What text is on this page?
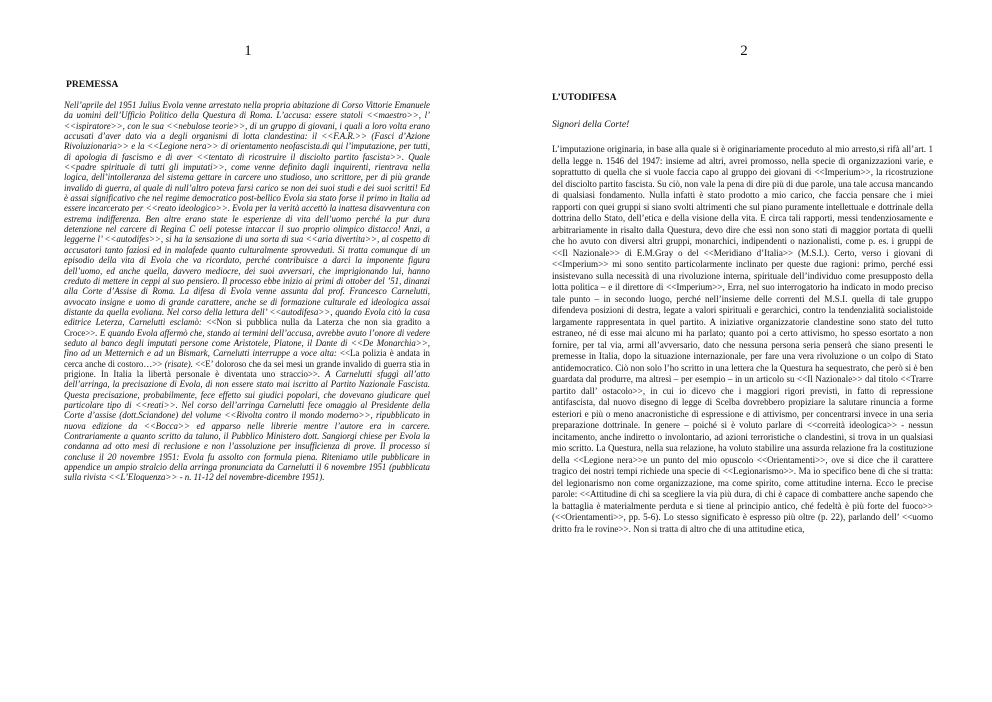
1
PREMESSA

Nell’aprile del 1951 Julius Evola venne arrestato nella propria abitazione di Corso Vittorie Emanuele da uomini dell’Ufficio Politico della Questura di Roma. L’accusa: essere statoli <<maestro>>, l’ <<ispiratore>>, con le sua <<nebulose teorie>>, di un gruppo di giovani, i quali a loro volta erano accusati d’aver dato via a degli organismi di lotta clandestina: il <<F.A.R.>> (Fasci d’Azione Rivoluzionaria>> e la <<Legione nera>> di orientamento neofascista.di qui l’imputazione, per tutti, di apologia di fascismo e di aver <<tentato di ricostruire il disciolto partito fascista>>. Quale <<padre spirituale di tutti gli imputati>>, come venne definito dagli inquirenti, rientrava nella logica, dell’intolleranza del sistema gettare in carcere uno studioso, uno scrittore, per di più grande invalido di guerra, al quale di null’altro poteva farsi carico se non dei suoi studi e dei suoi scritti! Ed è assai significativo che nel regime democratico post-bellico Evola sia stato forse il primo in Italia ad essere incarcerato per <<reato ideologico>>. Evola per la verità accettò la inattesa disavventura con estrema indifferenza. Ben altre erano state le esperienze di vita dell’uomo perché la pur dura detenzione nel carcere di Regina C oeli potesse intaccar il suo proprio olimpico distacco! Anzi, a leggerne l’ <<autodifes>>, si ha la sensazione di una sorta di sua <<aria divertita>>, al cospetto di accusatori tanto faziosi ed in malafede quanto culturalmente sprovveduti. Si tratta comunque di un episodio della vita di Evola che va ricordato, perché contribuisce a darci la imponente figura dell’uomo, ed anche quella, davvero mediocre, dei suoi avversari, che imprigionando lui, hanno creduto di mettere in ceppi al suo pensiero. Il processo ebbe inizio ai primi di ottober del ’51, dinanzi alla Corte d’Assise di Roma. La difesa di Evola venne assunta dal prof. Francesco Carnelutti, avvocato insigne e uomo di grande carattere, anche se di formazione culturale ed ideologica assai distante da quella evoliana. Nel corso della lettura dell’ <<autodifesa>>, quando Evola citò la casa editrice Leterza, Carnelutti esclamò: <<Non si pubblica nulla da Laterza che non sia gradito a Croce>>. E quando Evola affermò che, stando ai termini dell’accusa, avrebbe avuto l’onore di vedere seduto al banco degli imputati persone come Aristotele, Platone, il Dante di <<De Monarchia>>, fino ad un Metternich e ad un Bismark, Carnelutti interruppe a voce alta: <<La polizia è andata in cerca anche di costoro…>> (risate). <<E’ doloroso che da sei mesi un grande invalido di guerra stia in prigione. In Italia la libertà personale è diventata uno straccio>>. A Carnelutti sfuggì all’atto dell’arringa, la precisazione di Evola, di non essere stato mai iscritto al Partito Nazionale Fascista. Questa precisazione, probabilmente, fece effetto sui giudici popolari, che dovevano giudicare quel particolare tipo di <<reati>>. Nel corso dell’arringa Carnelutti fece omaggio al Presidente della Corte d’assise (dott.Sciandone) del volume <<Rivolta contro il mondo moderno>>, ripubblicato in nuova edizione da <<Bocca>> ed apparso nelle librerie mentre l’autore era in carcere. Contrariamente a quanto scritto da taluno, il Pubblico Ministero dott. Sangiorgi chiese per Evola la condanna ad otto mesi di reclusione e non l’assoluzione per insufficienza di prove. Il processo si concluse il 20 novembre 1951: Evola fu assolto con formula piena. Riteniamo utile pubblicare in appendice un ampio stralcio della arringa pronunciata da Carnelutti il 6 novembre 1951 (pubblicata sulla rivista <<L’Eloquenza>> - n. 11-12 del novembre-dicembre 1951).

2
L’UTODIFESA

Signori della Corte!

L’imputazione originaria, in base alla quale si è originariamente proceduto al mio arresto,si rifà all’art. 1 della legge n. 1546 del 1947: insieme ad altri, avrei promosso, nella specie di organizzazioni varie, e soprattutto di quella che si vuole faccia capo al gruppo dei giovani di <<Imperium>>, la ricostruzione del disciolto partito fascista. Su ciò, non vale la pena di dire più di due parole, una tale accusa mancando di qualsiasi fondamento. Nulla infatti è stato prodotto a mio carico, che faccia pensare che i miei rapporti con quei gruppi si siano svolti altrimenti che sul piano puramente intellettuale e dottrinale della dottrina dello Stato, dell’etica e della visione della vita. E circa tali rapporti, messi tendenziosamente e arbitrariamente in risalto dalla Questura, devo dire che essi non sono stati di maggior portata di quelli che ho avuto con diversi altri gruppi, monarchici, indipendenti o nazionalisti, come p. es. i gruppi de <<Il Nazionale>> di E.M.Gray o del <<Meridiano d’Italia>> (M.S.I.). Certo, verso i giovani di <<Imperium>> mi sono sentito particolarmente inclinato per queste due ragioni: primo, perché essi insistevano sulla necessità di una rivoluzione interna, spirituale dell’individuo come presupposto della lotta politica – e il direttore di <<Imperium>>, Erra, nel suo interrogatorio ha indicato in modo preciso tale punto – in secondo luogo, perché nell’insieme delle correnti del M.S.I. quella di tale gruppo difendeva posizioni di destra, legate a valori spirituali e gerarchici, contro la tendenzialità socialistoide largamente rappresentata in quel partito. A iniziative organizzatorie clandestine sono stato del tutto estraneo, né di esse mai alcuno mi ha parlato; quanto poi a certo attivismo, ho spesso esortato a non fornire, per tal via, armi all’avversario, dato che nessuna persona seria penserà che siano presenti le premesse in Italia, dopo la situazione internazionale, per fare una vera rivoluzione o un colpo di Stato antidemocratico. Ciò non solo l’ho scritto in una lettera che la Questura ha sequestrato, che però si è ben guardata dal produrre, ma altresì – per esempio – in un articolo su <<Il Nazionale>> dal titolo <<Trarre partito dall’ ostacolo>>, in cui io dicevo che i maggiori rigori previsti, in fatto di repressione antifascista, dal nuovo disegno di legge di Scelba dovrebbero propiziare la salutare rinuncia a forme esteriori e più o meno anacronistiche di espressione e di attivismo, per concentrarsi invece in una seria preparazione dottrinale. In genere – poiché si è voluto parlare di <<correità ideologica>> - nessun incitamento, anche indiretto o involontario, ad azioni terroristiche o clandestini, si trova in un qualsiasi mio scritto. La Questura, nella sua relazione, ha voluto stabilire una assurda relazione fra la costituzione della <<Legione nera>>e un punto del mio opuscolo <<Orientamenti>>, ove si dice che il carattere tragico dei nostri tempi richiede una specie di <<Legionarismo>>. Ma io specifico bene di che si tratta: del legionarismo non come organizzazione, ma come spirito, come attitudine interna. Ecco le precise parole: <<Attitudine di chi sa scegliere la via più dura, di chi è capace di combattere anche sapendo che la battaglia è materialmente perduta e si tiene al principio antico, ché fedeltà è più forte del fuoco>> (<<Orientamenti>>, pp. 5-6). Lo stesso significato è espresso più oltre (p. 22), parlando dell’ <<uomo dritto fra le rovine>>. Non si tratta di altro che di una attitudine etica,
